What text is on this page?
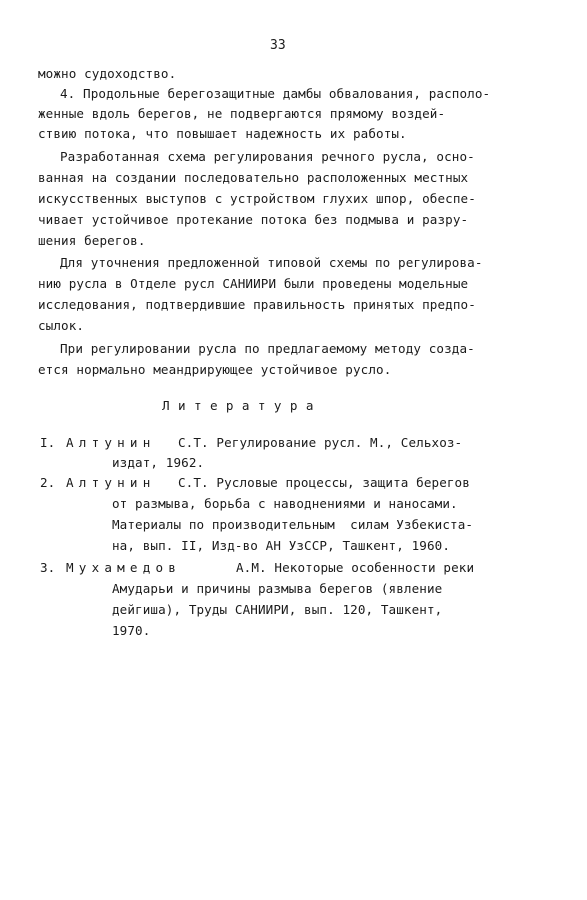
33
можно судоходство.
4. Продольные берегозащитные дамбы обвалования, располо-
женные вдоль берегов, не подвергаются прямому воздей-
ствию потока, что повышает надежность их работы.
Разработанная схема регулирования речного русла, осно-
ванная на создании последовательно расположенных местных
искусственных выступов с устройством глухих шпор, обеспе-
чивает устойчивое протекание потока без подмыва и разру-
шения берегов.
Для уточнения предложенной типовой схемы по регулирова-
нию русла в Отделе русл САНИИРИ были проведены модельные
исследования, подтвердившие правильность принятых предпо-
сылок.
При регулировании русла по предлагаемому методу созда-
ется нормально меандрирующее устойчивое русло.
Литература
I. Алтунин С.Т. Регулирование русл. М., Сельхоз-
издат, 1962.
2. Алтунин С.Т. Русловые процессы, защита берегов
от размыва, борьба с наводнениями и наносами.
Материалы по производительным  силам Узбекиста-
на, вып. II, Изд-во АН УзССР, Ташкент, 1960.
3. Мухамедов	А.М. Некоторые особенности реки
Амударьи и причины размыва берегов (явление
дейгиша), Труды САНИИРИ, вып. 120, Ташкент,
1970.
